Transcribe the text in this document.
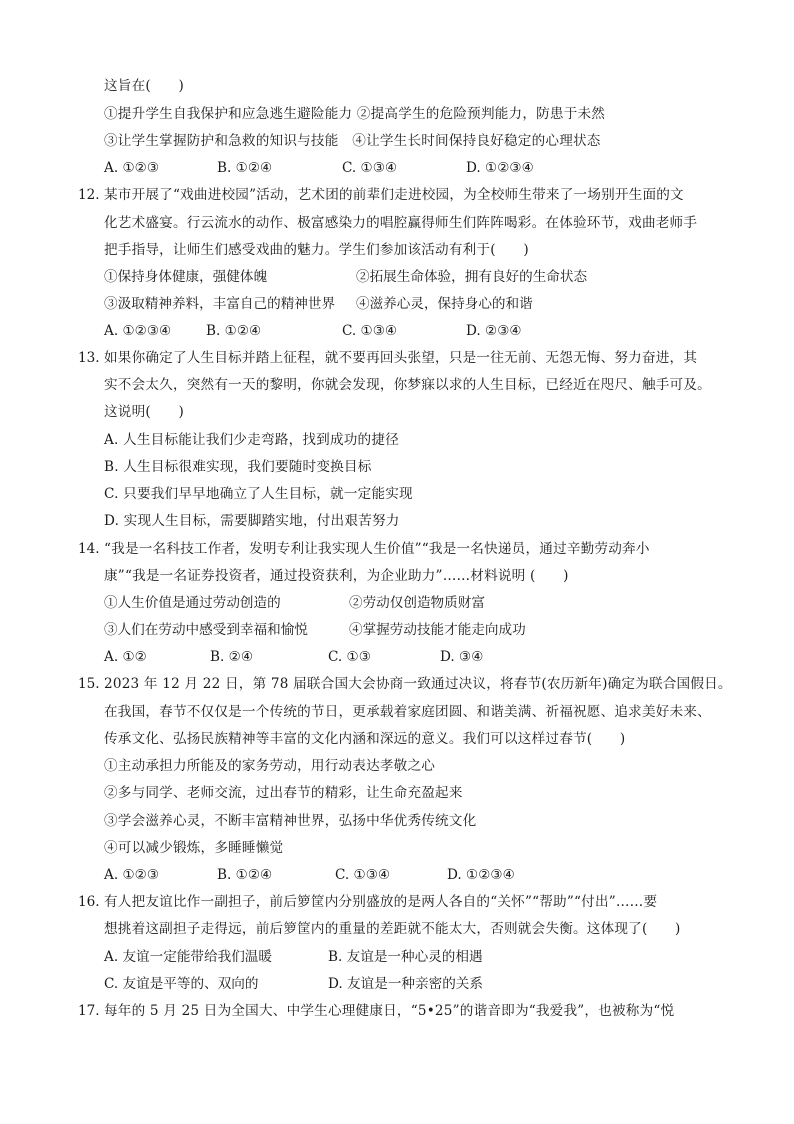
这旨在(　　)
①提升学生自我保护和应急逃生避险能力 ②提高学生的危险预判能力，防患于未然
③让学生掌握防护和急救的知识与技能　④让学生长时间保持良好稳定的心理状态
A. ①②③	B. ①②④	C. ①③④	D. ①②③④
12. 某市开展了“戏曲进校园”活动，艺术团的前辈们走进校园，为全校师生带来了一场别开生面的文
化艺术盛宴。行云流水的动作、极富感染力的唱腔赢得师生们阵阵喝彩。在体验环节，戏曲老师手
把手指导，让师生们感受戏曲的魅力。学生们参加该活动有利于(　　)
①保持身体健康，强健体魄	②拓展生命体验，拥有良好的生命状态
③汲取精神养料，丰富自己的精神世界 ④滋养心灵，保持身心的和谐
A. ①②③④	B. ①②④	C. ①③④	D. ②③④
13. 如果你确定了人生目标并踏上征程，就不要再回头张望，只是一往无前、无怨无悔、努力奋进，其
实不会太久，突然有一天的黎明，你就会发现，你梦寐以求的人生目标，已经近在咫尺、触手可及。
这说明(　　)
A. 人生目标能让我们少走弯路，找到成功的捷径
B. 人生目标很难实现，我们要随时变换目标
C. 只要我们早早地确立了人生目标，就一定能实现
D. 实现人生目标，需要脚踏实地，付出艰苦努力
14. “我是一名科技工作者，发明专利让我实现人生价值”“我是一名快递员，通过辛勤劳动奔小
康”“我是一名证券投资者，通过投资获利，为企业助力”……材料说明 (　　)
①人生价值是通过劳动创造的	②劳动仅创造物质财富
③人们在劳动中感受到幸福和愉悦	④掌握劳动技能才能走向成功
A. ①②	B. ②④	C. ①③	D. ③④
15. 2023 年 12 月 22 日，第 78 届联合国大会协商一致通过决议，将春节(农历新年)确定为联合国假日。
在我国，春节不仅仅是一个传统的节日，更承载着家庭团圆、和谐美满、祈福祝愿、追求美好未来、
传承文化、弘扬民族精神等丰富的文化内涵和深远的意义。我们可以这样过春节(　　)
①主动承担力所能及的家务劳动，用行动表达孝敬之心
②多与同学、老师交流，过出春节的精彩，让生命充盈起来
③学会滋养心灵，不断丰富精神世界，弘扬中华优秀传统文化
④可以减少锻炼，多睡睡懒觉
A. ①②③	B. ①②④	C. ①③④	D. ①②③④
16. 有人把友谊比作一副担子，前后箩筐内分别盛放的是两人各自的“关怀”“帮助”“付出”……要
想挑着这副担子走得远，前后箩筐内的重量的差距就不能太大，否则就会失衡。这体现了(　　)
A. 友谊一定能带给我们温暖	B. 友谊是一种心灵的相遇
C. 友谊是平等的、双向的	D. 友谊是一种亲密的关系
17. 每年的 5 月 25 日为全国大、中学生心理健康日，“5•25”的谐音即为“我爱我”，也被称为“悦
